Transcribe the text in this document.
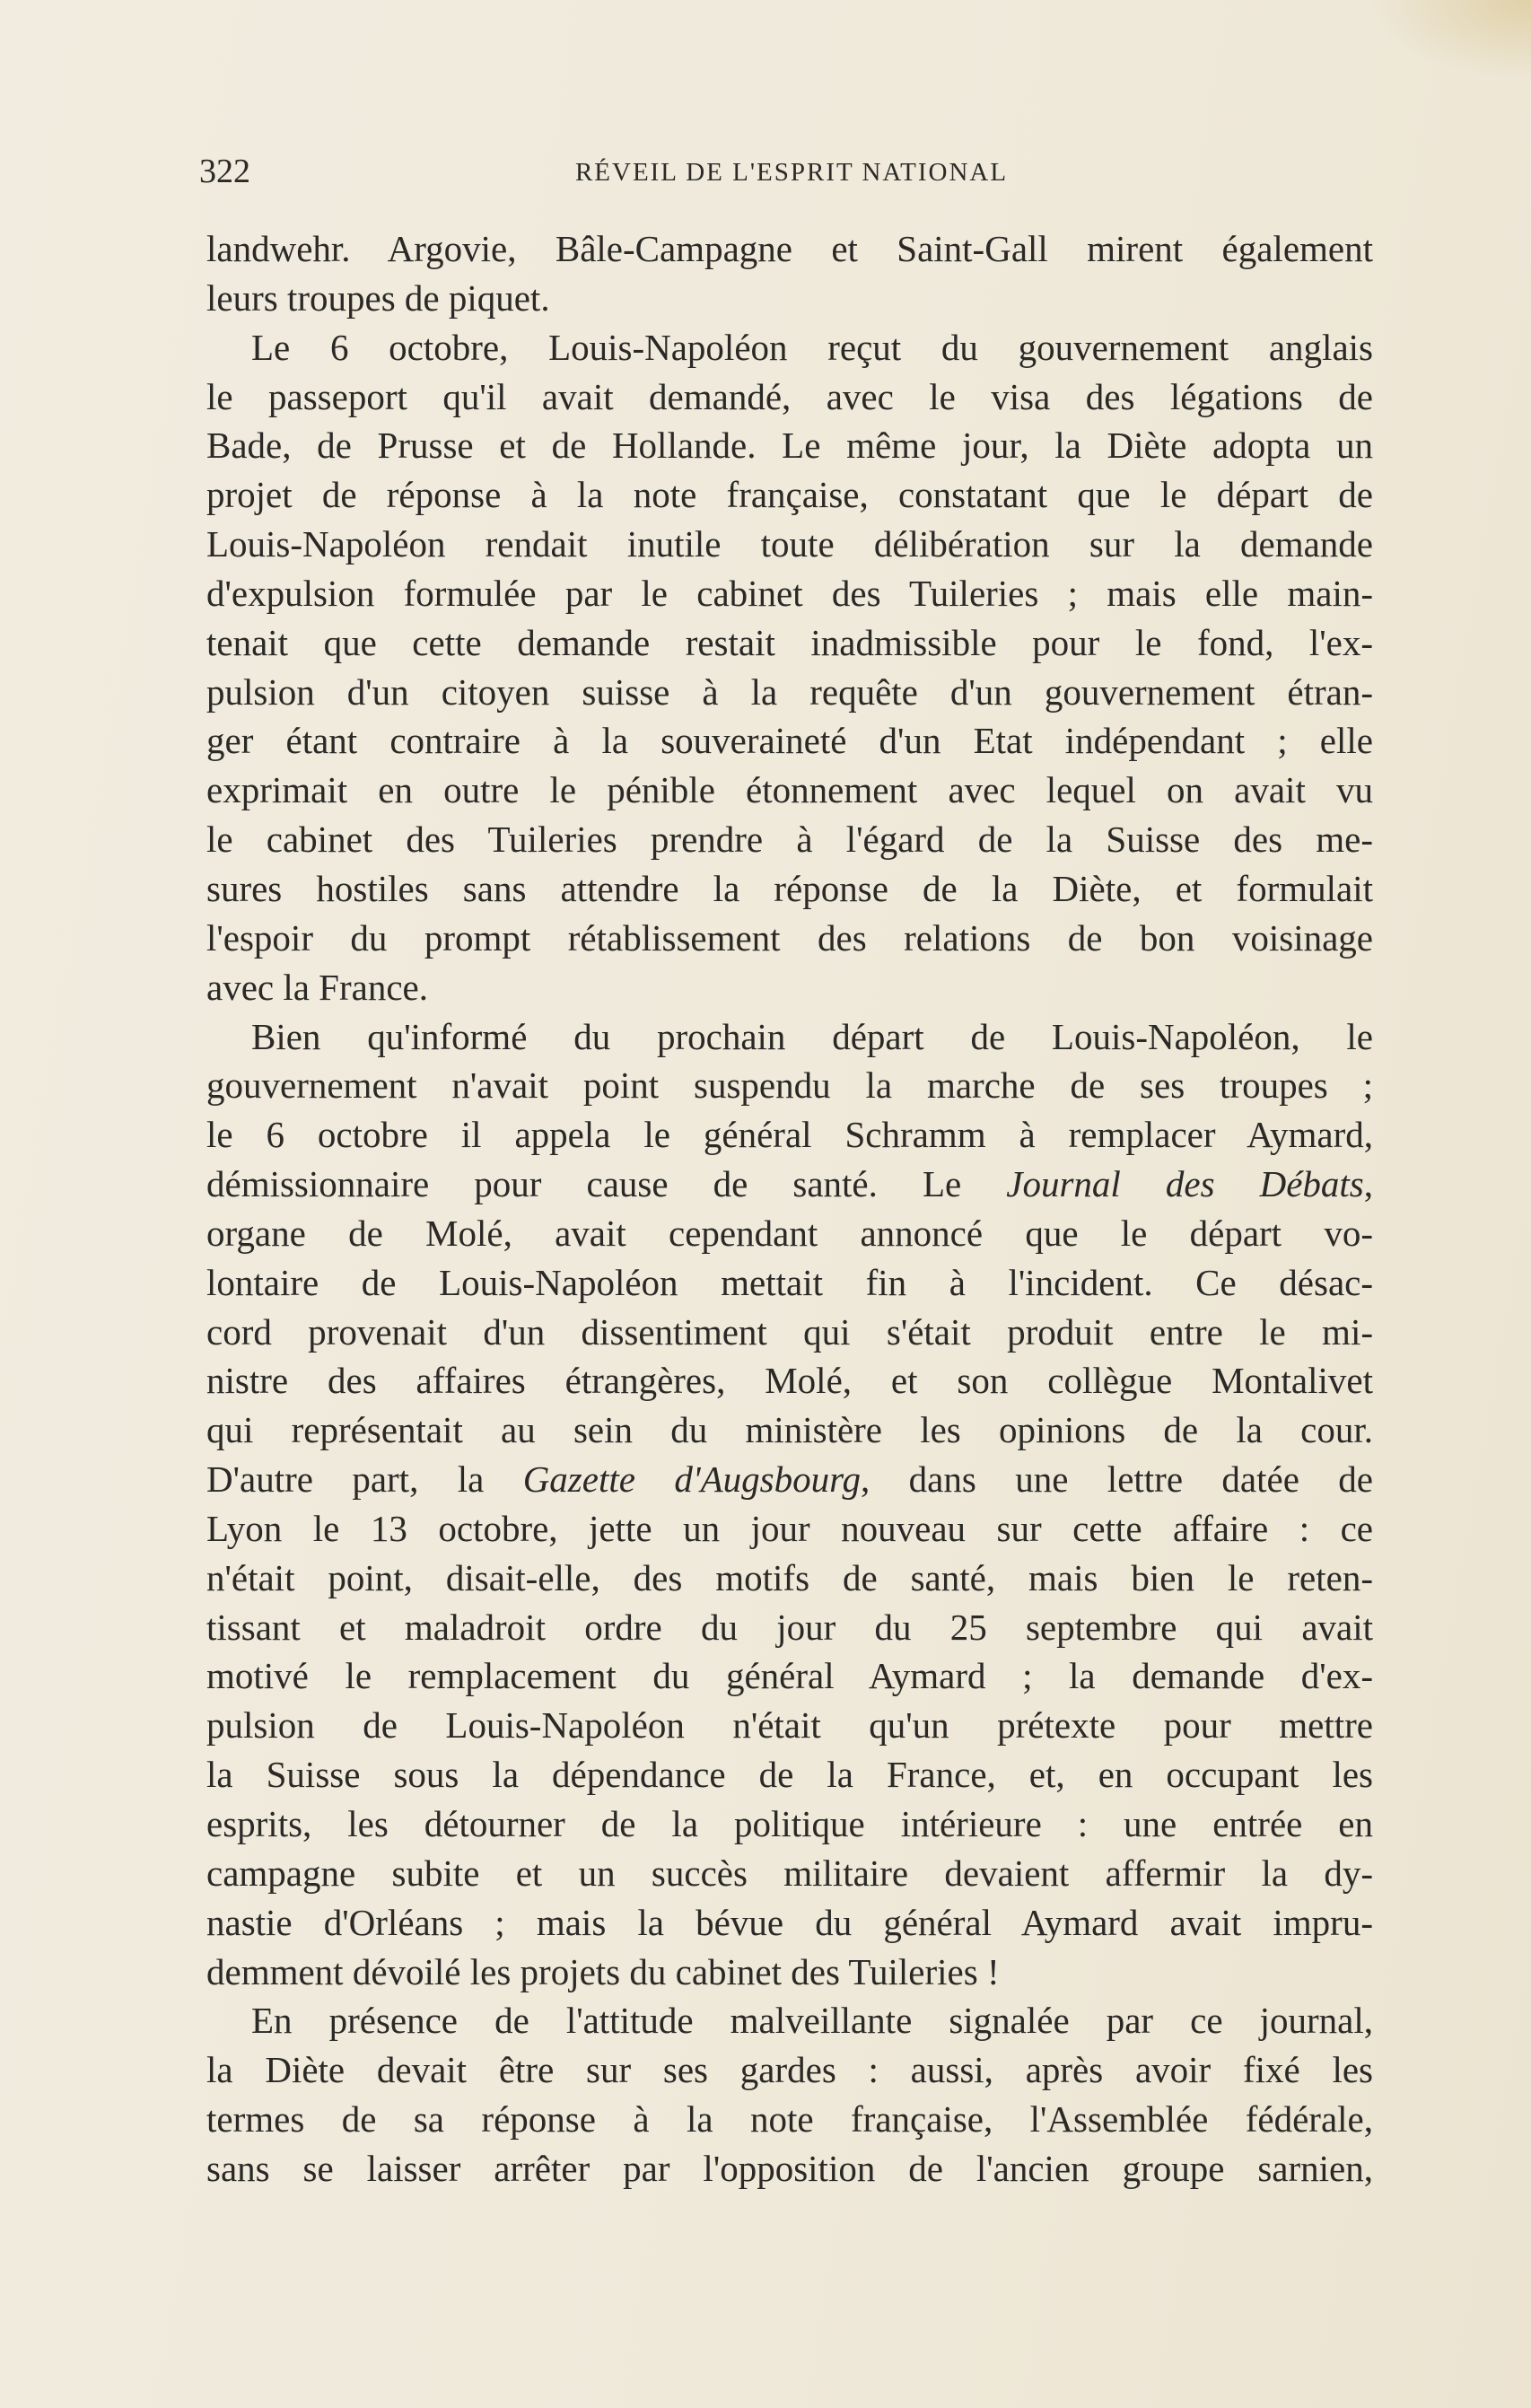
322	RÉVEIL DE L'ESPRIT NATIONAL
landwehr. Argovie, Bâle-Campagne et Saint-Gall mirent également
leurs troupes de piquet.
Le 6 octobre, Louis-Napoléon reçut du gouvernement anglais
le passeport qu'il avait demandé, avec le visa des légations de
Bade, de Prusse et de Hollande. Le même jour, la Diète adopta un
projet de réponse à la note française, constatant que le départ de
Louis-Napoléon rendait inutile toute délibération sur la demande
d'expulsion formulée par le cabinet des Tuileries ; mais elle main-
tenait que cette demande restait inadmissible pour le fond, l'ex-
pulsion d'un citoyen suisse à la requête d'un gouvernement étran-
ger étant contraire à la souveraineté d'un Etat indépendant ; elle
exprimait en outre le pénible étonnement avec lequel on avait vu
le cabinet des Tuileries prendre à l'égard de la Suisse des me-
sures hostiles sans attendre la réponse de la Diète, et formulait
l'espoir du prompt rétablissement des relations de bon voisinage
avec la France.
Bien qu'informé du prochain départ de Louis-Napoléon, le
gouvernement n'avait point suspendu la marche de ses troupes ;
le 6 octobre il appela le général Schramm à remplacer Aymard,
démissionnaire pour cause de santé. Le Journal des Débats,
organe de Molé, avait cependant annoncé que le départ vo-
lontaire de Louis-Napoléon mettait fin à l'incident. Ce désac-
cord provenait d'un dissentiment qui s'était produit entre le mi-
nistre des affaires étrangères, Molé, et son collègue Montalivet
qui représentait au sein du ministère les opinions de la cour.
D'autre part, la Gazette d'Augsbourg, dans une lettre datée de
Lyon le 13 octobre, jette un jour nouveau sur cette affaire : ce
n'était point, disait-elle, des motifs de santé, mais bien le reten-
tissant et maladroit ordre du jour du 25 septembre qui avait
motivé le remplacement du général Aymard ; la demande d'ex-
pulsion de Louis-Napoléon n'était qu'un prétexte pour mettre
la Suisse sous la dépendance de la France, et, en occupant les
esprits, les détourner de la politique intérieure : une entrée en
campagne subite et un succès militaire devaient affermir la dy-
nastie d'Orléans ; mais la bévue du général Aymard avait impru-
demment dévoilé les projets du cabinet des Tuileries !
En présence de l'attitude malveillante signalée par ce journal,
la Diète devait être sur ses gardes : aussi, après avoir fixé les
termes de sa réponse à la note française, l'Assemblée fédérale,
sans se laisser arrêter par l'opposition de l'ancien groupe sarnien,
